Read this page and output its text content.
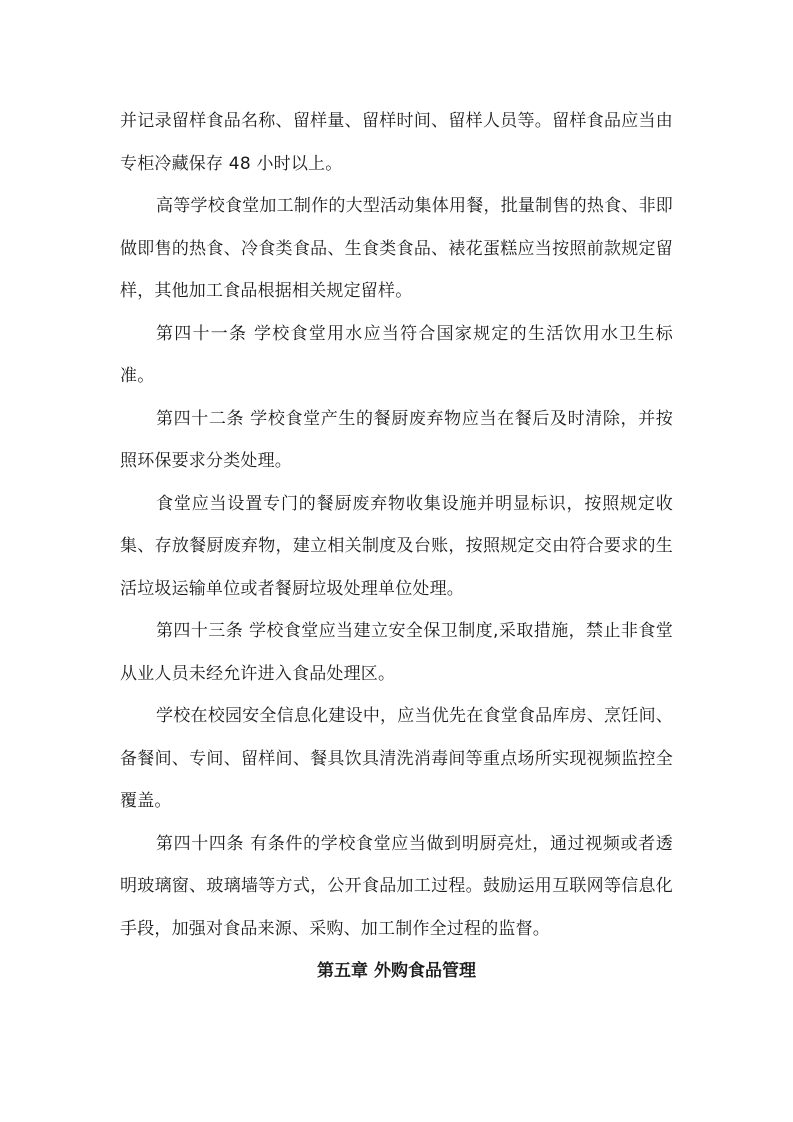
并记录留样食品名称、留样量、留样时间、留样人员等。留样食品应当由专柜冷藏保存 48 小时以上。

高等学校食堂加工制作的大型活动集体用餐，批量制售的热食、非即做即售的热食、冷食类食品、生食类食品、裱花蛋糕应当按照前款规定留样，其他加工食品根据相关规定留样。

第四十一条 学校食堂用水应当符合国家规定的生活饮用水卫生标准。

第四十二条 学校食堂产生的餐厨废弃物应当在餐后及时清除，并按照环保要求分类处理。

食堂应当设置专门的餐厨废弃物收集设施并明显标识，按照规定收集、存放餐厨废弃物，建立相关制度及台账，按照规定交由符合要求的生活垃圾运输单位或者餐厨垃圾处理单位处理。

第四十三条 学校食堂应当建立安全保卫制度,采取措施，禁止非食堂从业人员未经允许进入食品处理区。

学校在校园安全信息化建设中，应当优先在食堂食品库房、烹饪间、备餐间、专间、留样间、餐具饮具清洗消毒间等重点场所实现视频监控全覆盖。

第四十四条 有条件的学校食堂应当做到明厨亮灶，通过视频或者透明玻璃窗、玻璃墙等方式，公开食品加工过程。鼓励运用互联网等信息化手段，加强对食品来源、采购、加工制作全过程的监督。

第五章 外购食品管理
